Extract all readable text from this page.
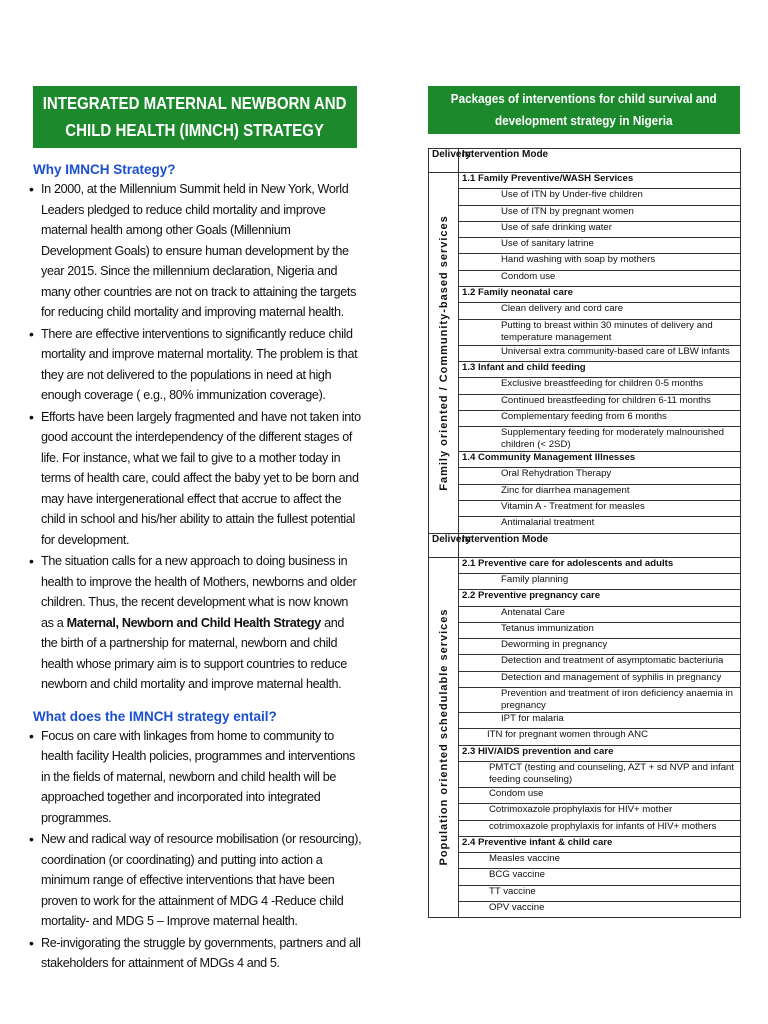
INTEGRATED MATERNAL NEWBORN AND
CHILD HEALTH (IMNCH) STRATEGY
Why IMNCH Strategy?
• In 2000, at the Millennium Summit held in New York, World Leaders pledged to reduce child mortality and improve maternal health among other Goals (Millennium Development Goals) to ensure human development by the year 2015. Since the millennium declaration, Nigeria and many other countries are not on track to attaining the targets for reducing child mortality and improving maternal health.
• There are effective interventions to significantly reduce child mortality and improve maternal mortality. The problem is that they are not delivered to the populations in need at high enough coverage ( e.g., 80% immunization coverage).
• Efforts have been largely fragmented and have not taken into good account the interdependency of the different stages of life. For instance, what we fail to give to a mother today in terms of health care, could affect the baby yet to be born and may have intergenerational effect that accrue to affect the child in school and his/her ability to attain the fullest potential for development.
• The situation calls for a new approach to doing business in health to improve the health of Mothers, newborns and older children. Thus, the recent development what is now known as a Maternal, Newborn and Child Health Strategy and the birth of a partnership for maternal, newborn and child health whose primary aim is to support countries to reduce newborn and child mortality and improve maternal health.
What does the IMNCH strategy entail?
• Focus on care with linkages from home to community to health facility Health policies, programmes and interventions in the fields of maternal, newborn and child health will be approached together and incorporated into integrated programmes.
• New and radical way of resource mobilisation (or resourcing), coordination (or coordinating) and putting into action a minimum range of effective interventions that have been proven to work for the attainment of MDG 4 -Reduce child mortality- and MDG 5 – Improve maternal health.
• Re-invigorating the struggle by governments, partners and all stakeholders for attainment of MDGs 4 and 5.
Packages of interventions for child survival and
development strategy in Nigeria
Delivery	Intervention Mode

Family oriented / Community-based services	1.1 Family Preventive/WASH Services
	Use of ITN by Under-five children
	Use of ITN by pregnant women
	Use of safe drinking water
	Use of sanitary latrine
	Hand washing with soap by mothers
	Condom use
	1.2 Family neonatal care
	Clean delivery and cord care
	Putting to breast within 30 minutes of delivery and temperature management
	Universal extra community-based care of LBW infants
	1.3 Infant and child feeding
	Exclusive breastfeeding for children 0-5 months
	Continued breastfeeding for children 6-11 months
	Complementary feeding from 6 months
	Supplementary feeding for moderately malnourished children (< 2SD)
	1.4 Community Management Illnesses
	Oral Rehydration Therapy
	Zinc for diarrhea management
	Vitamin A - Treatment for measles
	Antimalarial treatment
Delivery	Intervention Mode

Population oriented schedulable services	2.1 Preventive care for adolescents and adults
	Family planning
	2.2 Preventive pregnancy care
	Antenatal Care
	Tetanus immunization
	Deworming in pregnancy
	Detection and treatment of asymptomatic bacteriuria
	Detection and management of syphilis in pregnancy
	Prevention and treatment of iron deficiency anaemia in pregnancy
	IPT for malaria
	ITN for pregnant women through ANC
	2.3 HIV/AIDS prevention and care
	PMTCT (testing and counseling, AZT + sd NVP and infant feeding counseling)
	Condom use
	Cotrimoxazole prophylaxis for HIV+ mother
	cotrimoxazole prophylaxis for infants of HIV+ mothers
	2.4 Preventive infant & child care
	Measles vaccine
	BCG vaccine
	TT vaccine
	OPV vaccine
